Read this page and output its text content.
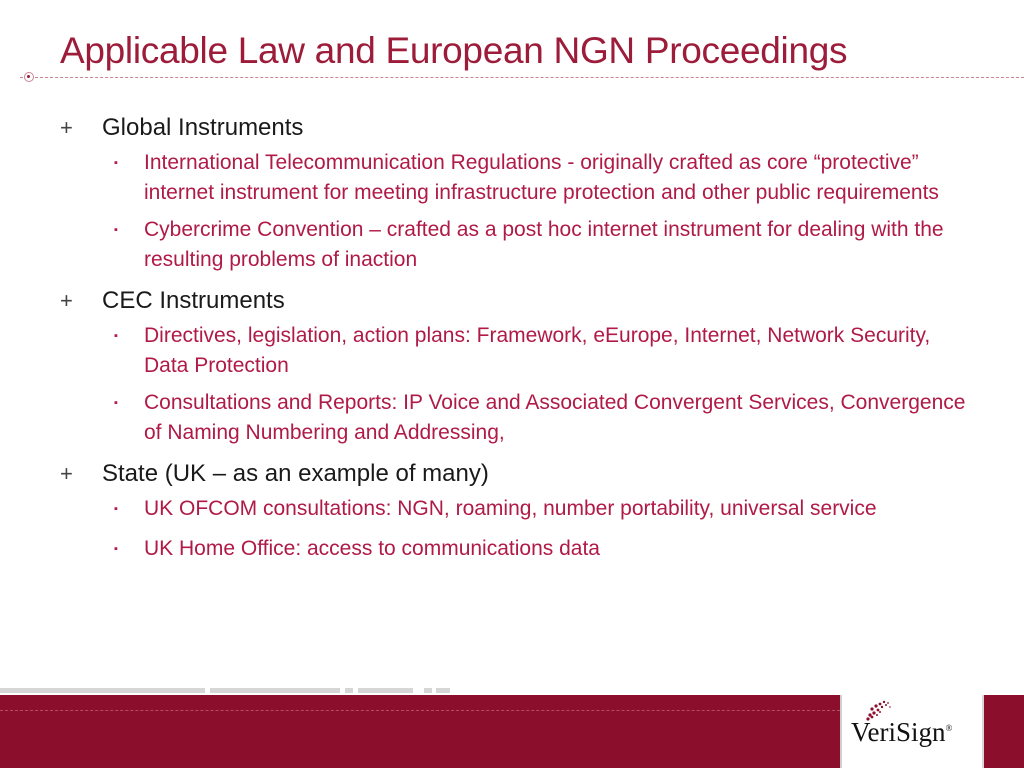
Applicable Law and European NGN Proceedings
+	Global Instruments
▪	International Telecommunication Regulations - originally crafted as core “protective” internet instrument for meeting infrastructure protection and other public requirements
▪	Cybercrime Convention – crafted as a post hoc internet instrument for dealing with the resulting problems of inaction
+	CEC Instruments
▪	Directives, legislation, action plans: Framework, eEurope, Internet, Network Security, Data Protection
▪	Consultations and Reports: IP Voice and Associated Convergent Services, Convergence of Naming Numbering and Addressing,
+	State (UK – as an example of many)
▪	UK OFCOM consultations: NGN, roaming, number portability, universal service
▪	UK Home Office: access to communications data
VeriSign®
